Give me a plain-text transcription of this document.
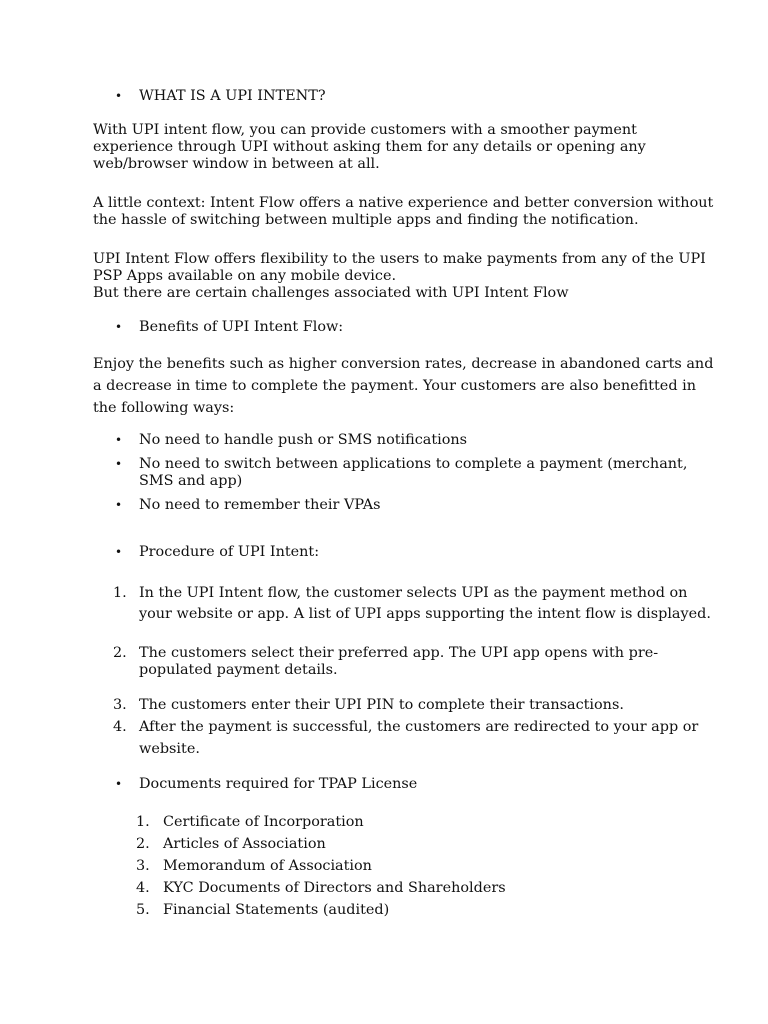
• WHAT IS A UPI INTENT?
With UPI intent flow, you can provide customers with a smoother payment
experience through UPI without asking them for any details or opening any
web/browser window in between at all.
A little context: Intent Flow offers a native experience and better conversion without
the hassle of switching between multiple apps and finding the notification.
UPI Intent Flow offers flexibility to the users to make payments from any of the UPI
PSP Apps available on any mobile device.
But there are certain challenges associated with UPI Intent Flow
• Benefits of UPI Intent Flow:
Enjoy the benefits such as higher conversion rates, decrease in abandoned carts and
a decrease in time to complete the payment. Your customers are also benefitted in
the following ways:
• No need to handle push or SMS notifications
• No need to switch between applications to complete a payment (merchant,
SMS and app)
• No need to remember their VPAs
• Procedure of UPI Intent:
1. In the UPI Intent flow, the customer selects UPI as the payment method on
your website or app. A list of UPI apps supporting the intent flow is displayed.
2. The customers select their preferred app. The UPI app opens with pre-
populated payment details.
3. The customers enter their UPI PIN to complete their transactions.
4. After the payment is successful, the customers are redirected to your app or
website.
• Documents required for TPAP License
1. Certificate of Incorporation
2. Articles of Association
3. Memorandum of Association
4. KYC Documents of Directors and Shareholders
5. Financial Statements (audited)
